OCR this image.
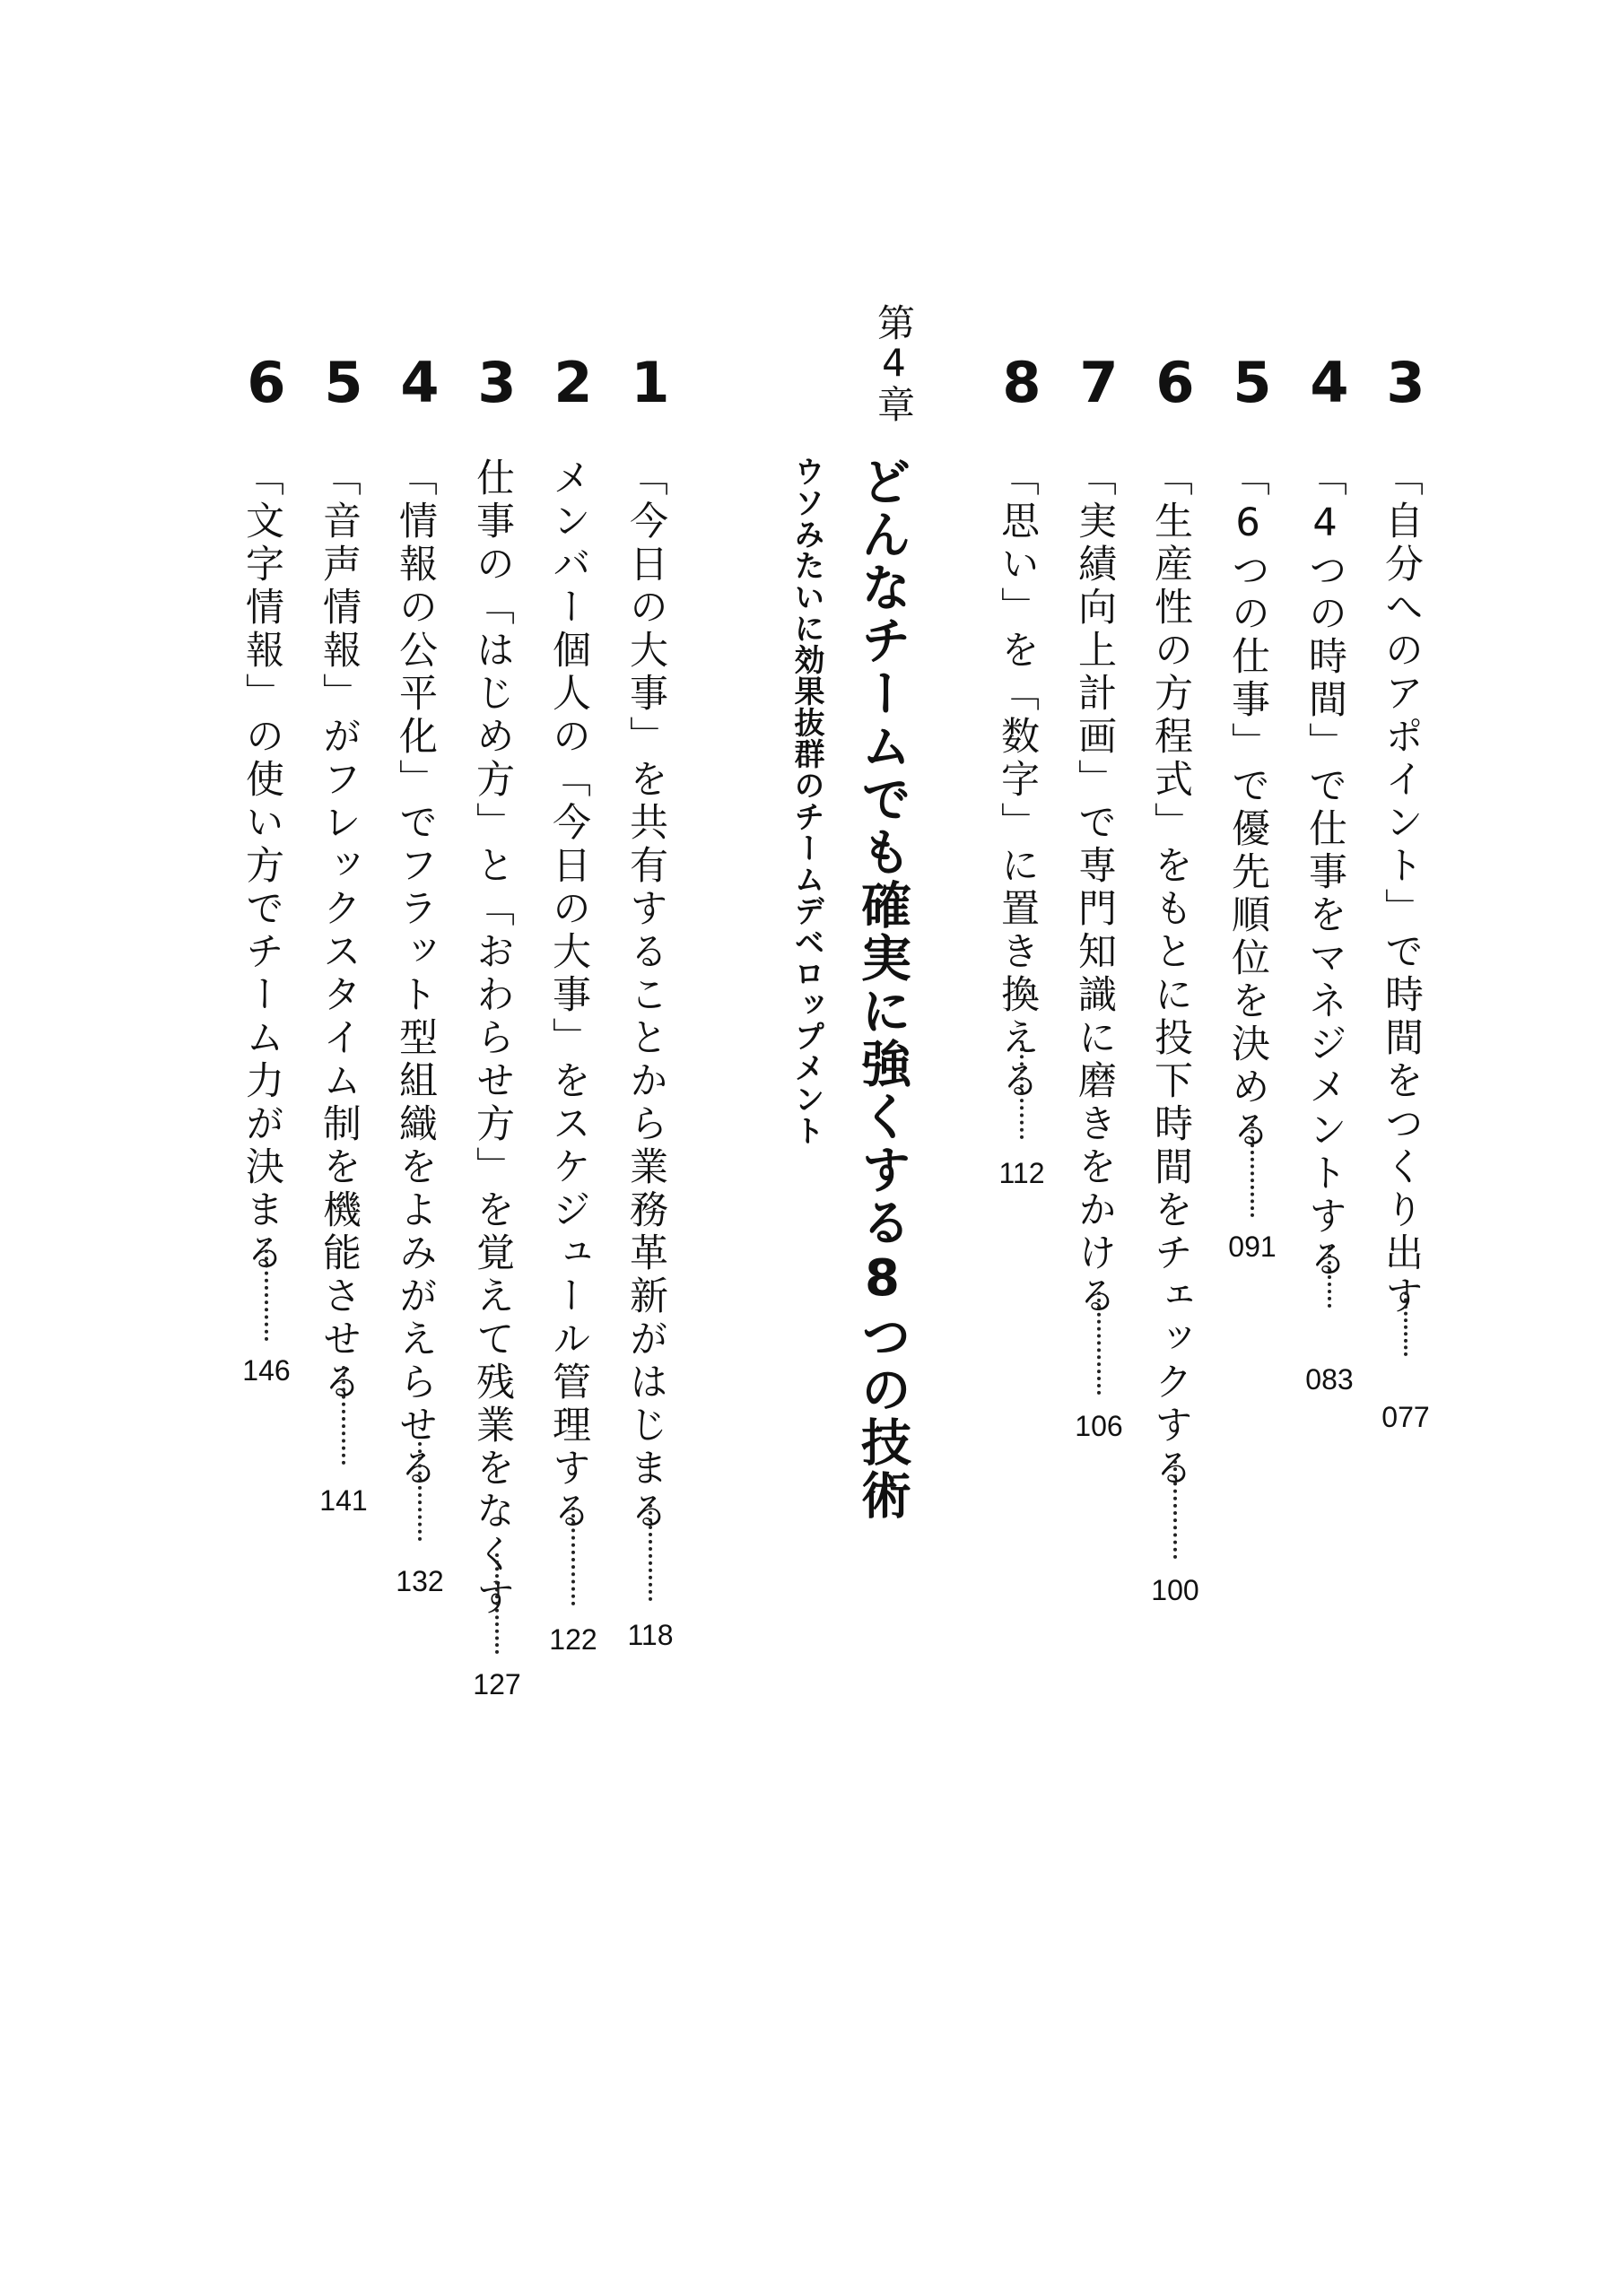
3
「自分へのアポイント」で時間をつくり出す
077
4
「4つの時間」で仕事をマネジメントする
083
5
「6つの仕事」で優先順位を決める
091
6
「生産性の方程式」をもとに投下時間をチェックする
100
7
「実績向上計画」で専門知識に磨きをかける
106
8
「思い」を「数字」に置き換える
112
第4章
どんなチームでも確実に強くする8つの技術
ウソみたいに効果抜群のチームデベロップメント
1
「今日の大事」を共有することから業務革新がはじまる
118
2
メンバー個人の「今日の大事」をスケジュール管理する
122
3
仕事の「はじめ方」と「おわらせ方」を覚えて残業をなくす
127
4
「情報の公平化」でフラット型組織をよみがえらせる
132
5
「音声情報」がフレックスタイム制を機能させる
141
6
「文字情報」の使い方でチーム力が決まる
146
